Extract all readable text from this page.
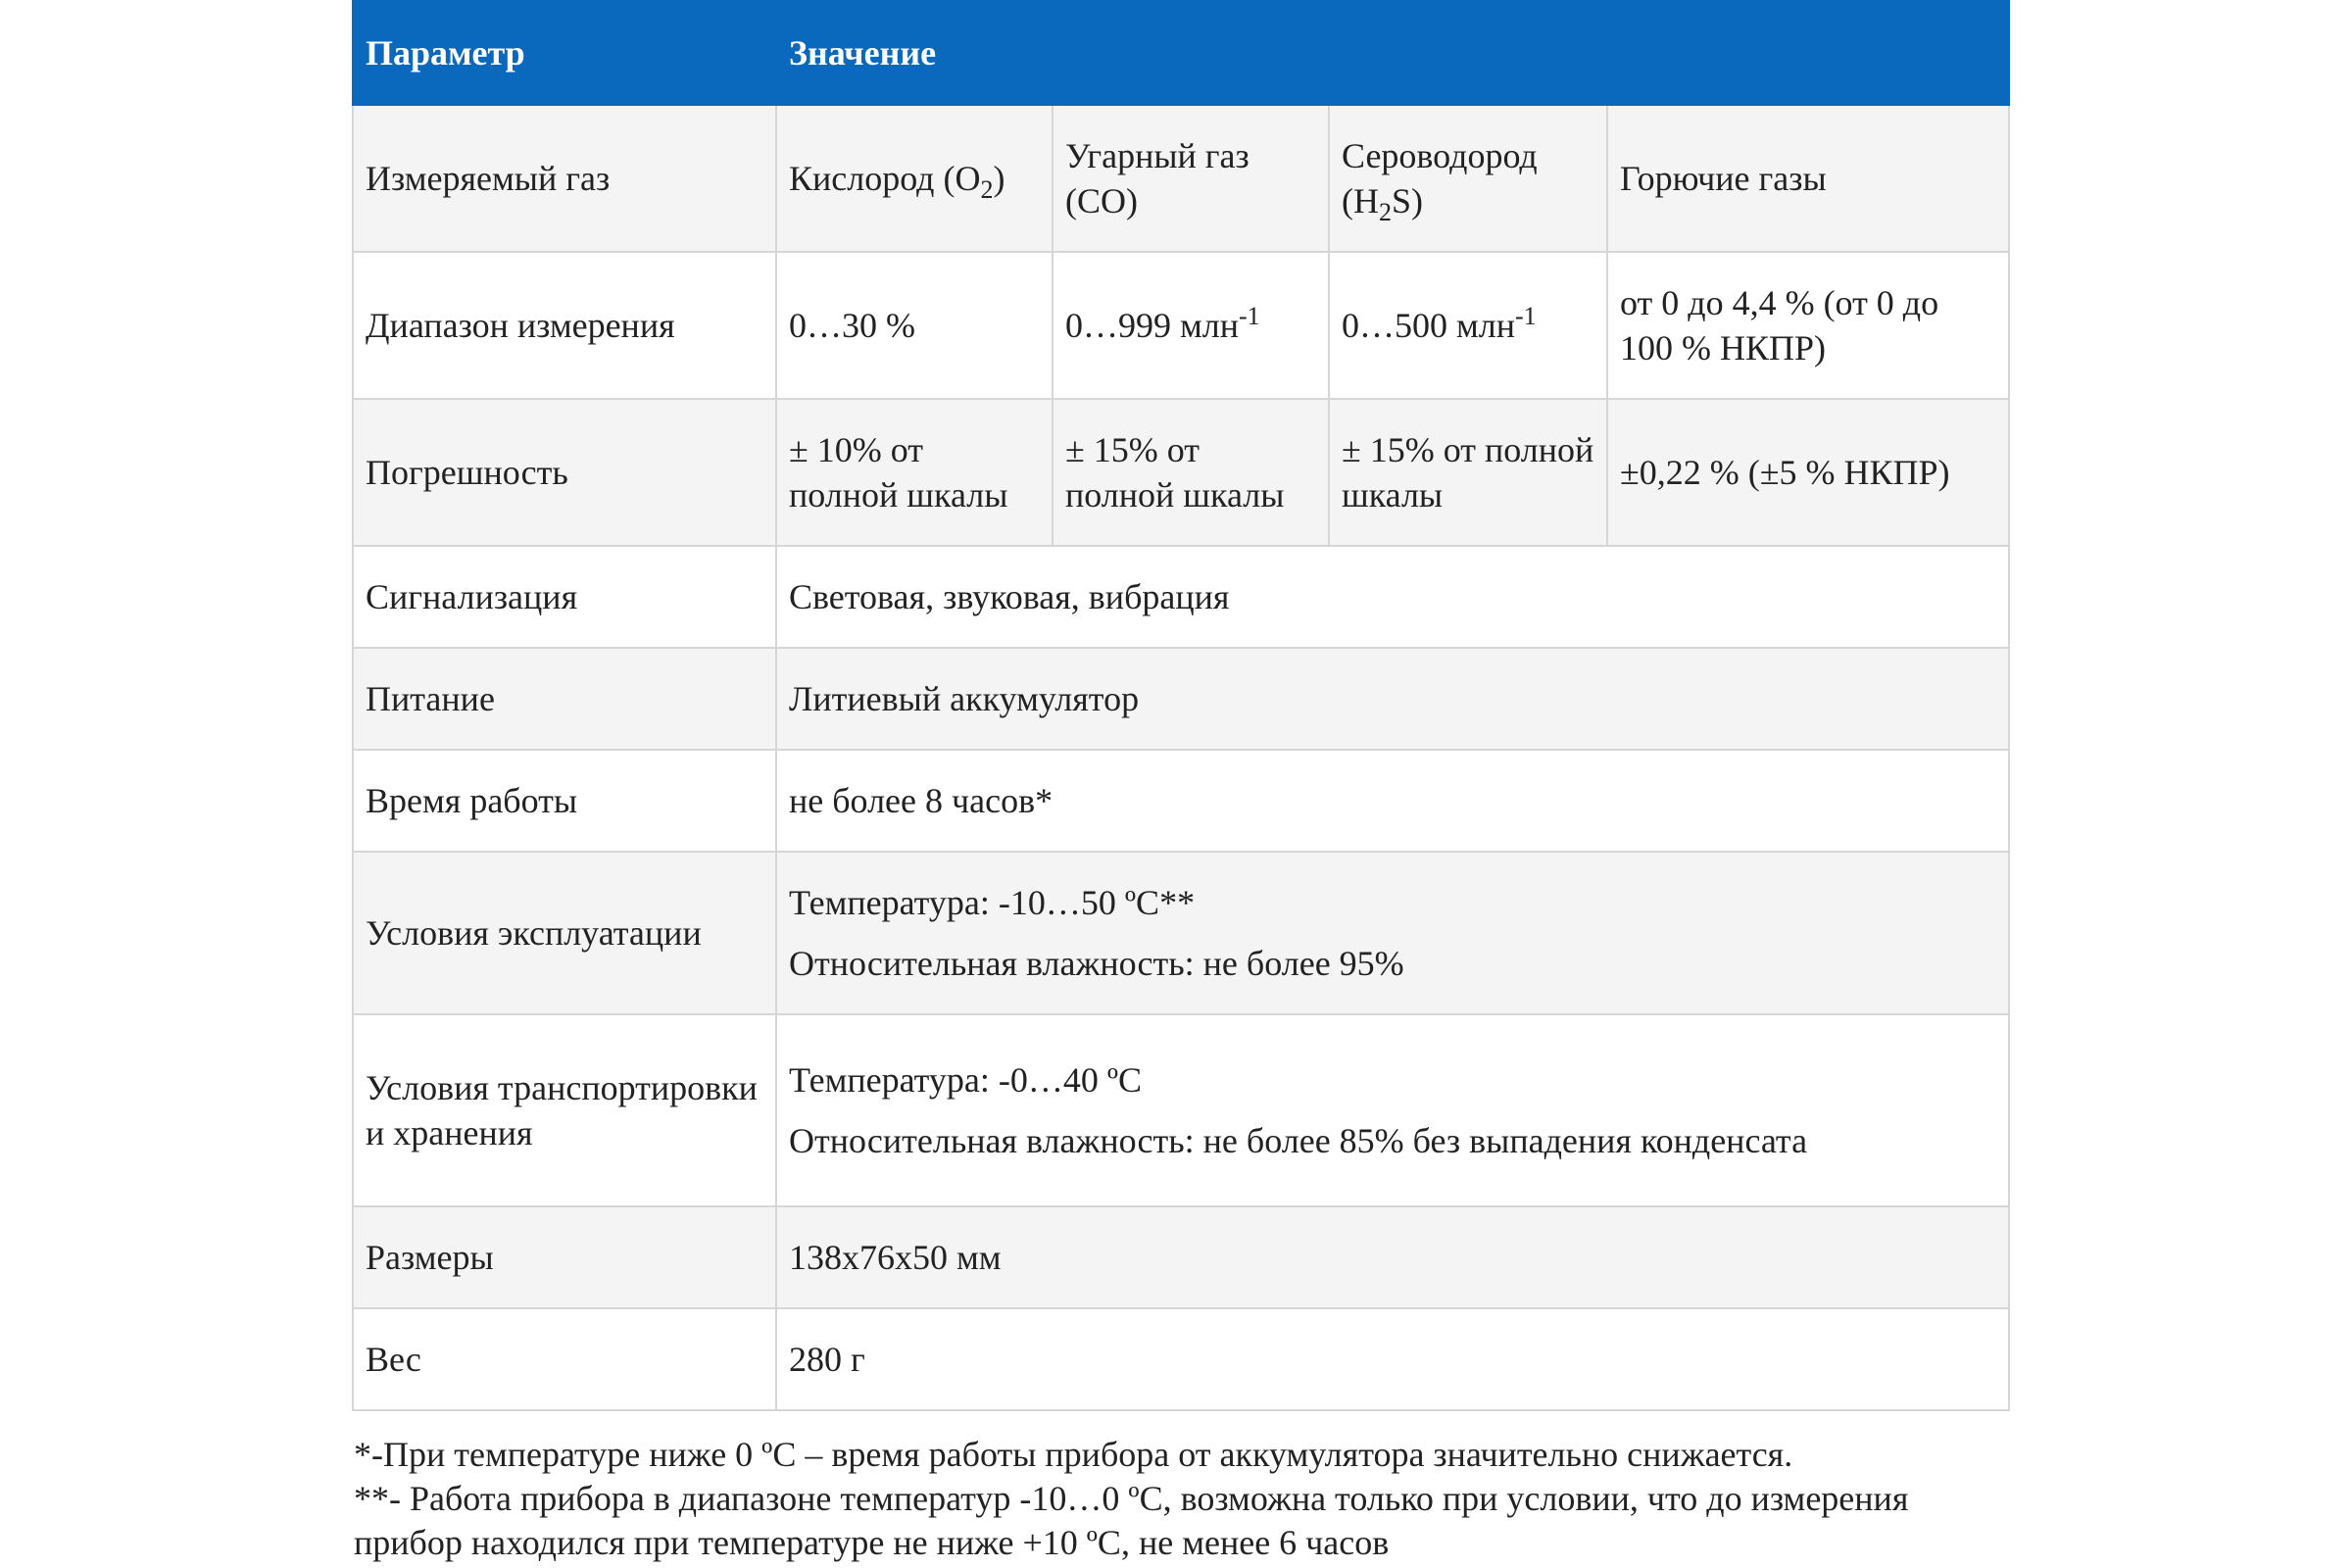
Параметр	Значение			
Измеряемый газ	Кислород $(O_2)$	Угарный газ (CO)	Сероводород $(H_2S)$	Горючие газы
Диапазон измерения	0…30 %	0…999 млн$^{-1}$	0…500 млн$^{-1}$	от 0 до 4,4 % (от 0 до 100 % НКПР)
Погрешность	± 10% от полной шкалы	± 15% от полной шкалы	± 15% от полной шкалы	±0,22 % (±5 % НКПР)
Сигнализация	Световая, звуковая, вибрация			
Питание	Литиевый аккумулятор			
Время работы	не более 8 часов*			
Условия эксплуатации	Температура: -10…50 ºС**

Относительная влажность: не более 95%			

Условия транспортировки и хранения	Температура: -0…40 ºС

Относительная влажность: не более 85% без выпадения конденсата			

Размеры	138x76x50 мм			
Вес	280 г			

*-При температуре ниже 0 ºС – время работы прибора от аккумулятора значительно снижается.

**- Работа прибора в диапазоне температур -10…0 ºС, возможна только при условии, что до измерения прибор находился при температуре не ниже +10 ºС, не менее 6 часов
